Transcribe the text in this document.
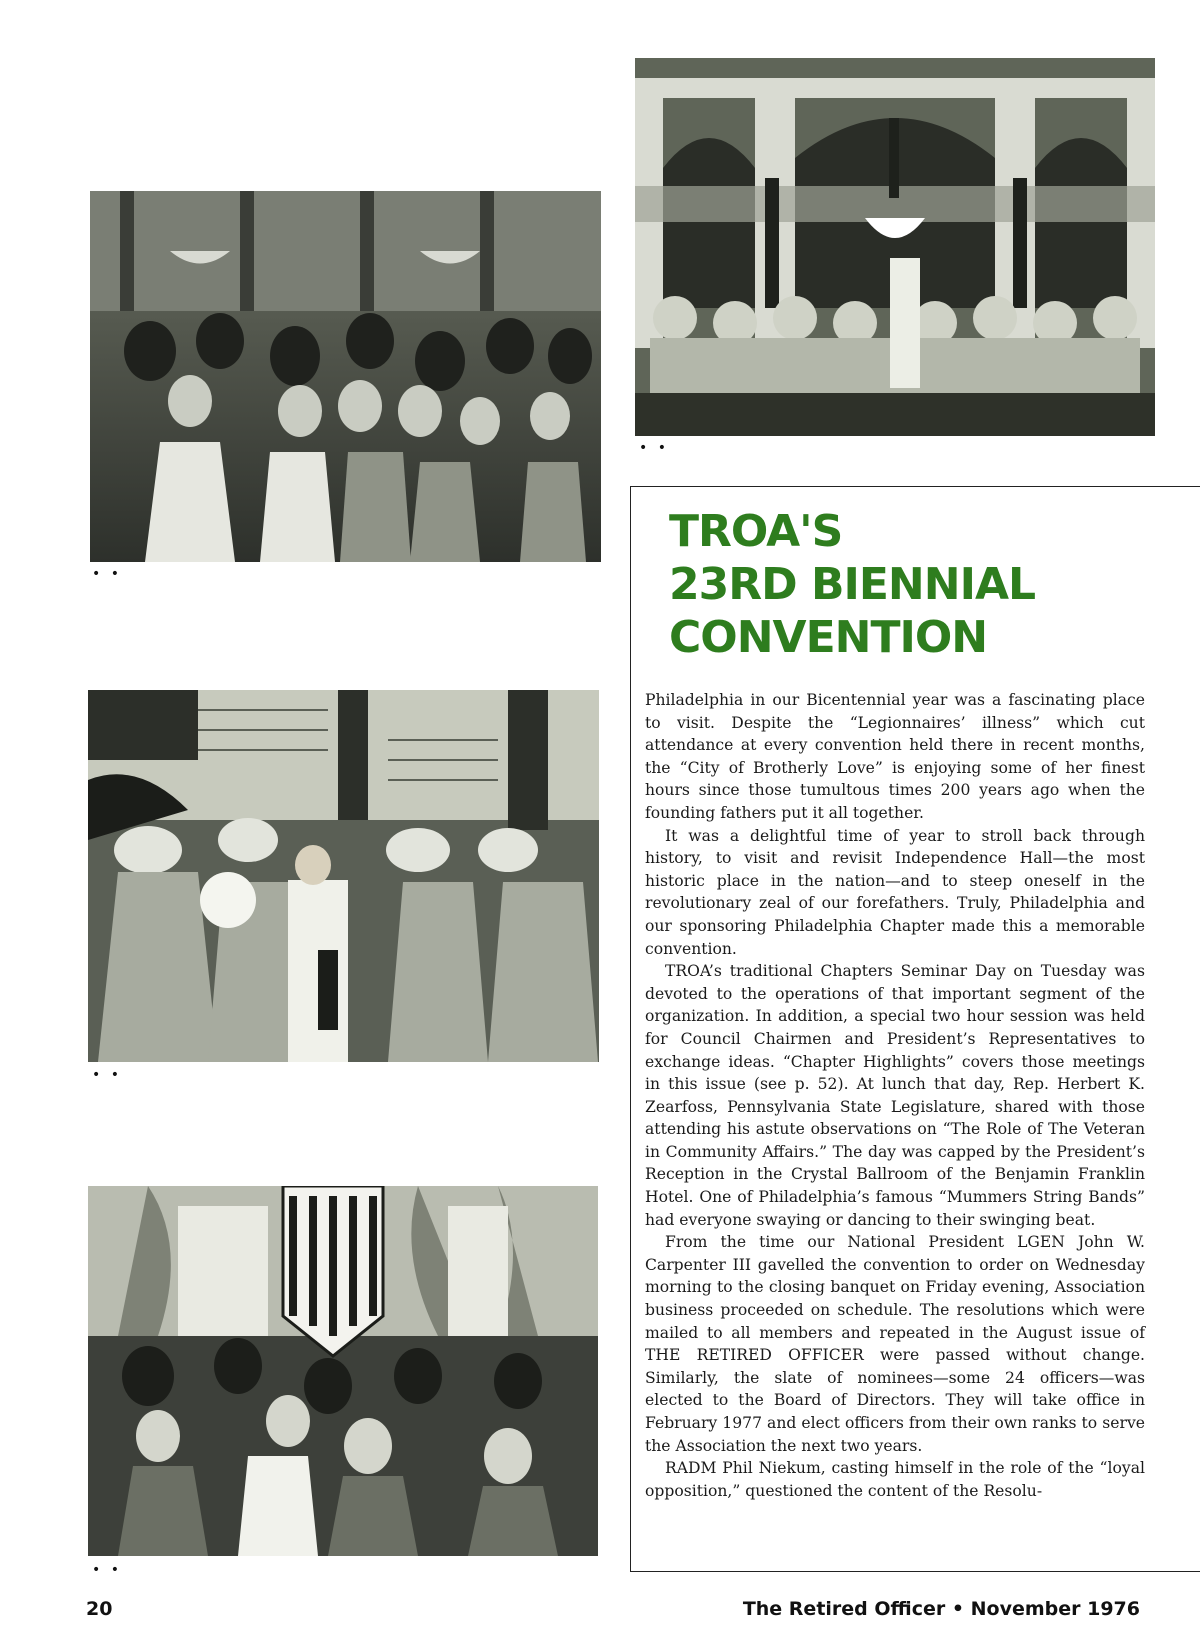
• •
• •
• •
• •
TROA'S
23RD BIENNIAL
CONVENTION

Philadelphia in our Bicentennial year was a fascinating place to visit. Despite the “Legionnaires’ illness” which cut attendance at every convention held there in recent months, the “City of Brotherly Love” is enjoying some of her finest hours since those tumultous times 200 years ago when the founding fathers put it all together.

It was a delightful time of year to stroll back through history, to visit and revisit Independence Hall—the most historic place in the nation—and to steep oneself in the revolutionary zeal of our forefathers. Truly, Philadelphia and our sponsoring Philadelphia Chapter made this a memorable convention.

TROA’s traditional Chapters Seminar Day on Tuesday was devoted to the operations of that important segment of the organization. In addition, a special two hour session was held for Council Chairmen and President’s Representatives to exchange ideas. “Chapter Highlights” covers those meetings in this issue (see p. 52). At lunch that day, Rep. Herbert K. Zearfoss, Pennsylvania State Legislature, shared with those attending his astute observations on “The Role of The Veteran in Community Affairs.” The day was capped by the President’s Reception in the Crystal Ballroom of the Benjamin Franklin Hotel. One of Philadelphia’s famous “Mummers String Bands” had everyone swaying or dancing to their swinging beat.

From the time our National President LGEN John W. Carpenter III gavelled the convention to order on Wednesday morning to the closing banquet on Friday evening, Association business proceeded on schedule. The resolutions which were mailed to all members and repeated in the August issue of THE RETIRED OFFICER were passed without change. Similarly, the slate of nominees—some 24 officers—was elected to the Board of Directors. They will take office in February 1977 and elect officers from their own ranks to serve the Association the next two years.

RADM Phil Niekum, casting himself in the role of the “loyal opposition,” questioned the content of the Resolu-

20	The Retired Officer • November 1976
